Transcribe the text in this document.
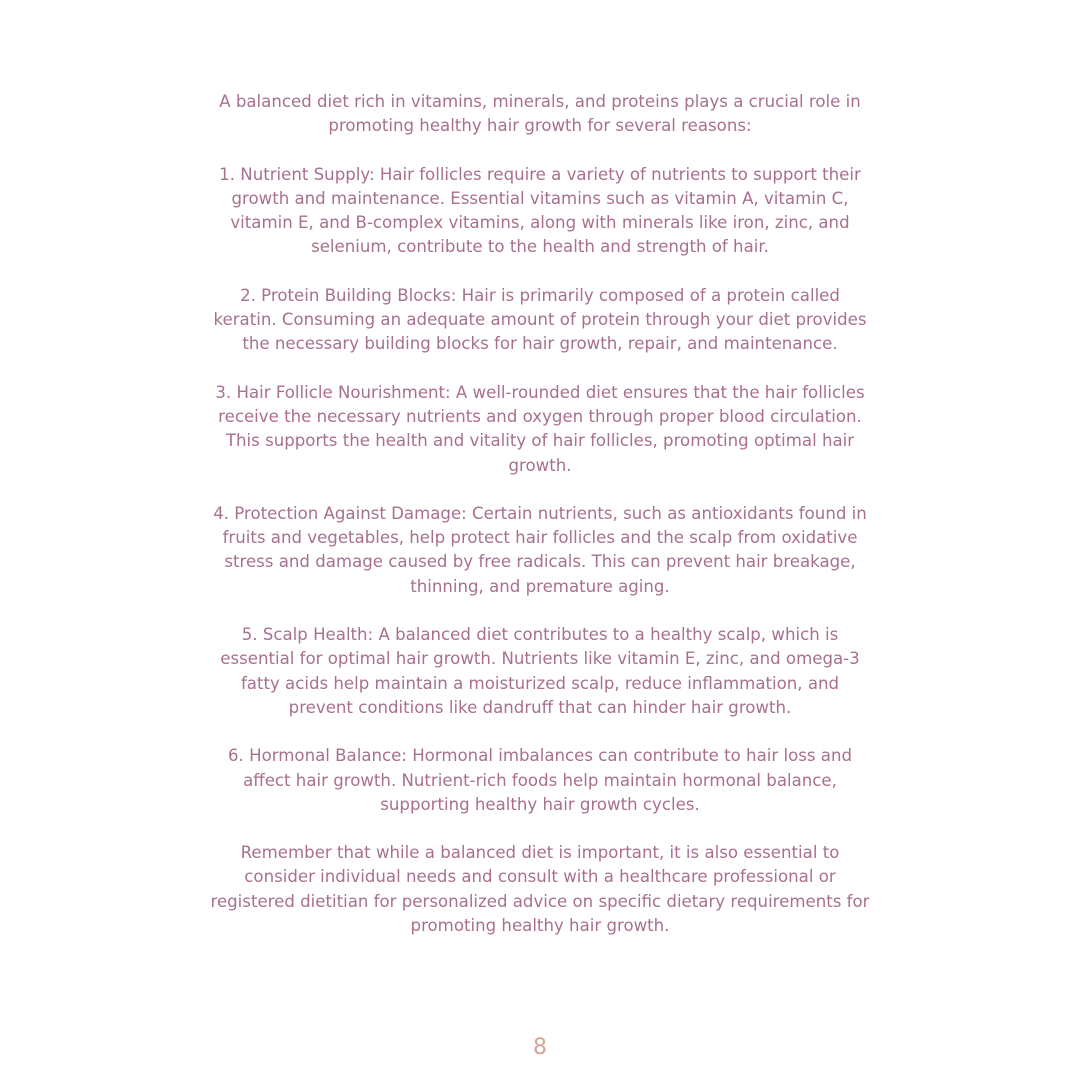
A balanced diet rich in vitamins, minerals, and proteins plays a crucial role in promoting healthy hair growth for several reasons:

1. Nutrient Supply: Hair follicles require a variety of nutrients to support their growth and maintenance. Essential vitamins such as vitamin A, vitamin C, vitamin E, and B-complex vitamins, along with minerals like iron, zinc, and selenium, contribute to the health and strength of hair.

2. Protein Building Blocks: Hair is primarily composed of a protein called keratin. Consuming an adequate amount of protein through your diet provides the necessary building blocks for hair growth, repair, and maintenance.

3. Hair Follicle Nourishment: A well-rounded diet ensures that the hair follicles receive the necessary nutrients and oxygen through proper blood circulation. This supports the health and vitality of hair follicles, promoting optimal hair growth.

4. Protection Against Damage: Certain nutrients, such as antioxidants found in fruits and vegetables, help protect hair follicles and the scalp from oxidative stress and damage caused by free radicals. This can prevent hair breakage, thinning, and premature aging.

5. Scalp Health: A balanced diet contributes to a healthy scalp, which is essential for optimal hair growth. Nutrients like vitamin E, zinc, and omega-3 fatty acids help maintain a moisturized scalp, reduce inflammation, and prevent conditions like dandruff that can hinder hair growth.

6. Hormonal Balance: Hormonal imbalances can contribute to hair loss and affect hair growth. Nutrient-rich foods help maintain hormonal balance, supporting healthy hair growth cycles.

Remember that while a balanced diet is important, it is also essential to consider individual needs and consult with a healthcare professional or registered dietitian for personalized advice on specific dietary requirements for promoting healthy hair growth.

8
